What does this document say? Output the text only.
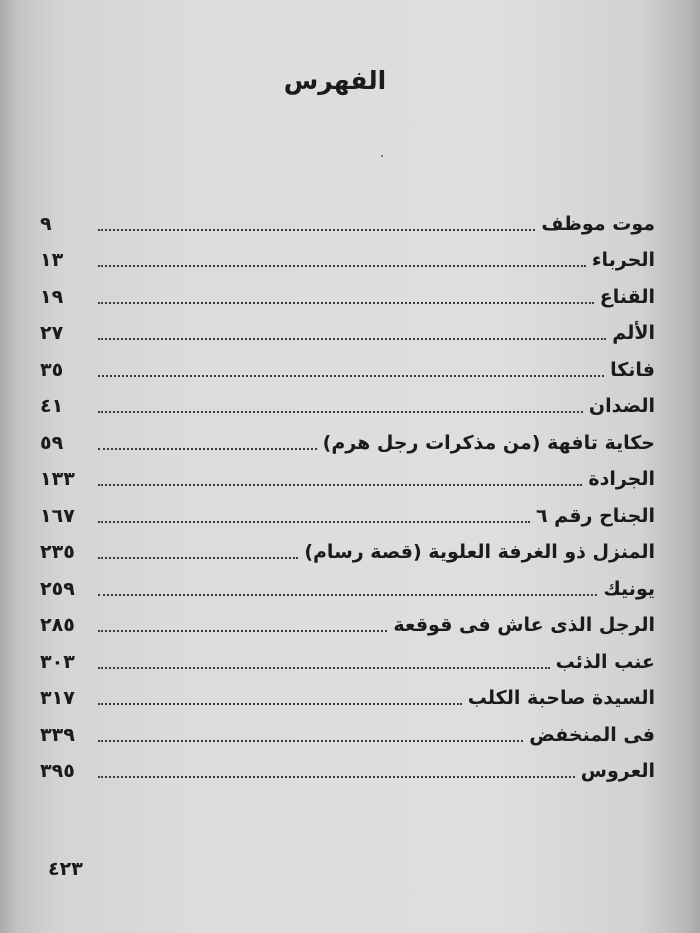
الفهرس
موت موظف
٩
الحرباء
١٣
القناع
١٩
الألم
٢٧
فانكا
٣٥
الضدان
٤١
حكاية تافهة (من مذكرات رجل هرم)
٥٩
الجرادة
١٣٣
الجناح رقم ٦
١٦٧
المنزل ذو الغرفة العلوية (قصة رسام)
٢٣٥
يونيك
٢٥٩
الرجل الذى عاش فى قوقعة
٢٨٥
عنب الذئب
٣٠٣
السيدة صاحبة الكلب
٣١٧
فى المنخفض
٣٣٩
العروس
٣٩٥
٤٢٣
